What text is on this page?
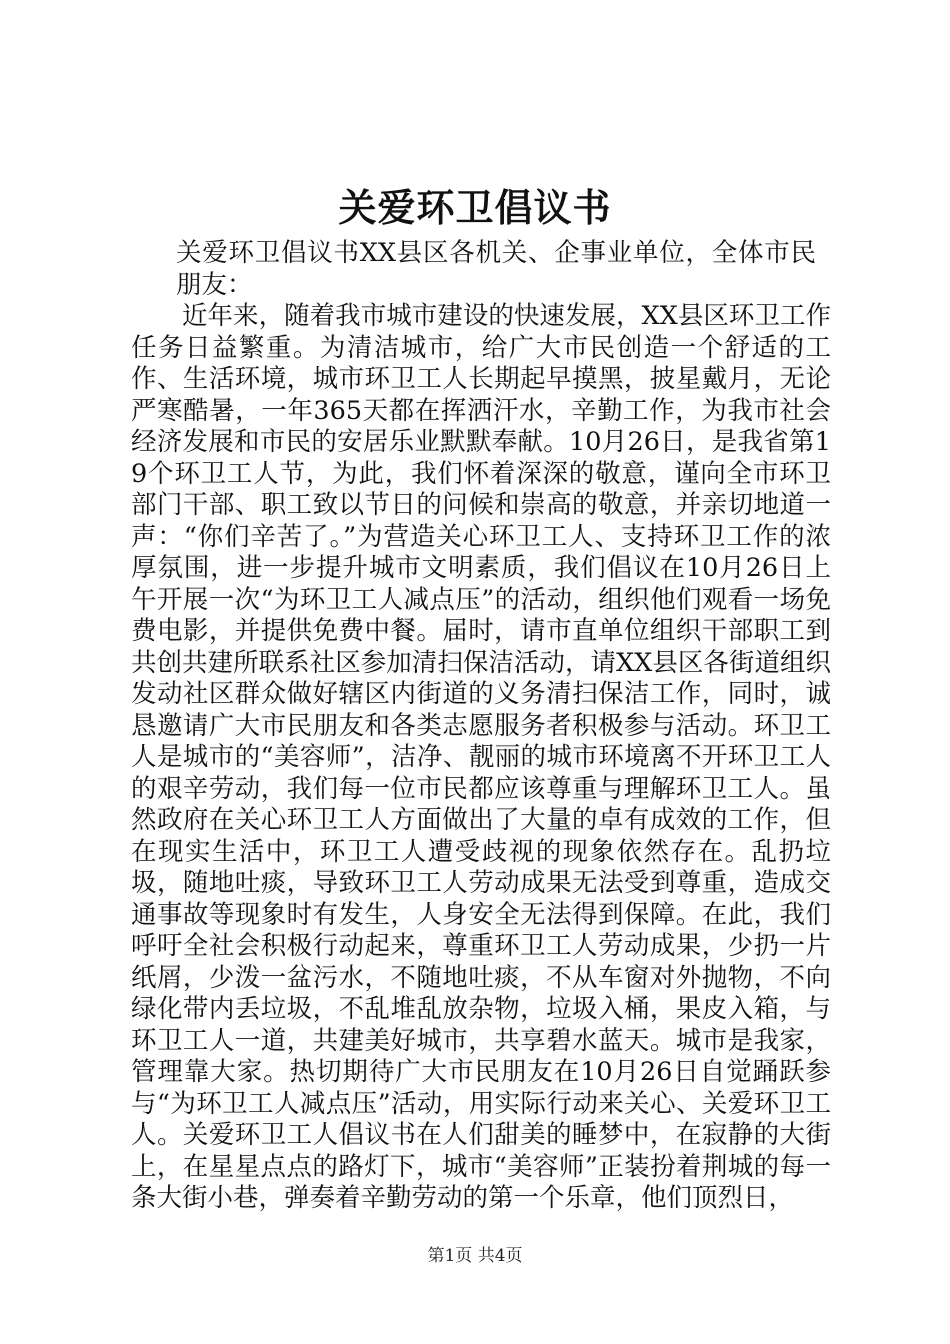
关爱环卫倡议书
关爱环卫倡议书XX县区各机关、企事业单位，全体市民朋友：

近年来，随着我市城市建设的快速发展，XX县区环卫工作任务日益繁重。为清洁城市，给广大市民创造一个舒适的工作、生活环境，城市环卫工人长期起早摸黑，披星戴月，无论严寒酷暑，一年365天都在挥洒汗水，辛勤工作，为我市社会经济发展和市民的安居乐业默默奉献。10月26日，是我省第19个环卫工人节，为此，我们怀着深深的敬意，谨向全市环卫部门干部、职工致以节日的问候和崇高的敬意，并亲切地道一声：“你们辛苦了。”为营造关心环卫工人、支持环卫工作的浓厚氛围，进一步提升城市文明素质，我们倡议在10月26日上午开展一次“为环卫工人减点压”的活动，组织他们观看一场免费电影，并提供免费中餐。届时，请市直单位组织干部职工到共创共建所联系社区参加清扫保洁活动，请XX县区各街道组织发动社区群众做好辖区内街道的义务清扫保洁工作，同时，诚恳邀请广大市民朋友和各类志愿服务者积极参与活动。环卫工人是城市的“美容师”，洁净、靓丽的城市环境离不开环卫工人的艰辛劳动，我们每一位市民都应该尊重与理解环卫工人。虽然政府在关心环卫工人方面做出了大量的卓有成效的工作，但在现实生活中，环卫工人遭受歧视的现象依然存在。乱扔垃圾，随地吐痰，导致环卫工人劳动成果无法受到尊重，造成交通事故等现象时有发生，人身安全无法得到保障。在此，我们呼吁全社会积极行动起来，尊重环卫工人劳动成果，少扔一片纸屑，少泼一盆污水，不随地吐痰，不从车窗对外抛物，不向绿化带内丢垃圾，不乱堆乱放杂物，垃圾入桶，果皮入箱，与环卫工人一道，共建美好城市，共享碧水蓝天。城市是我家，管理靠大家。热切期待广大市民朋友在10月26日自觉踊跃参与“为环卫工人减点压”活动，用实际行动来关心、关爱环卫工人。关爱环卫工人倡议书在人们甜美的睡梦中，在寂静的大街上，在星星点点的路灯下，城市“美容师”正装扮着荆城的每一条大街小巷，弹奏着辛勤劳动的第一个乐章，他们顶烈日，

第1页 共4页
